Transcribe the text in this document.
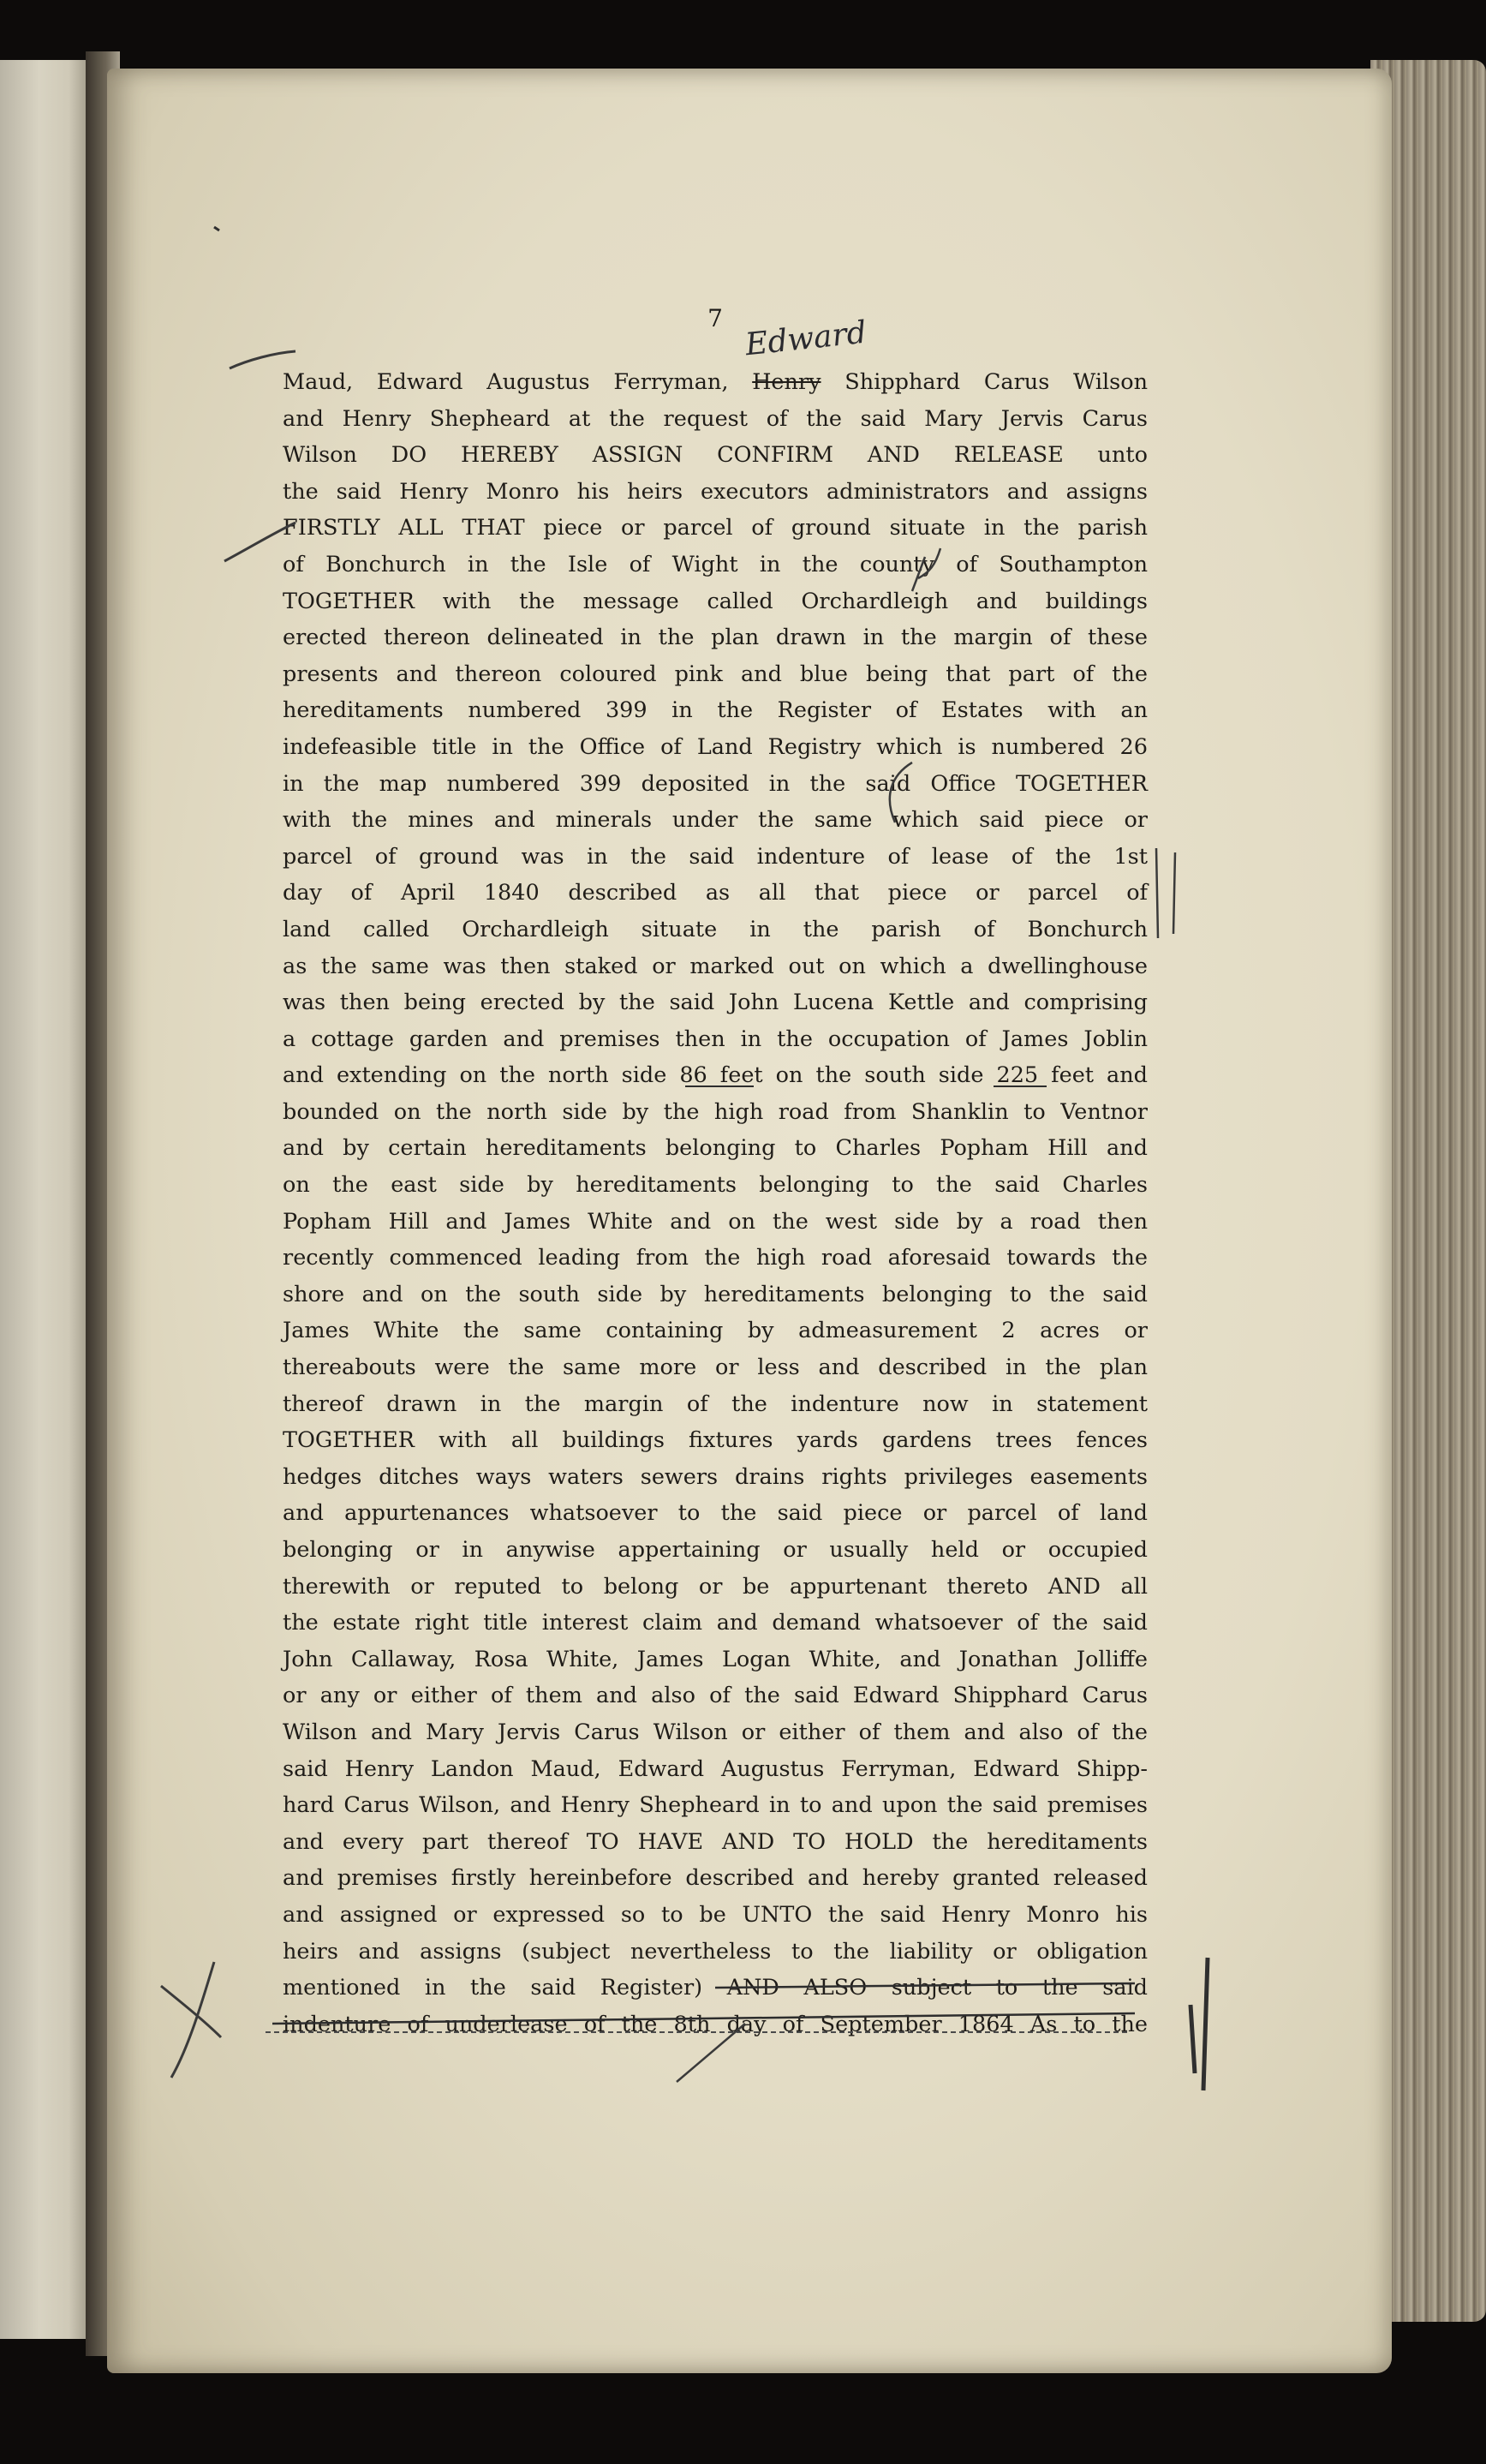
7 Edward
Maud, Edward Augustus Ferryman, Henry Shipphard Carus Wilson
and Henry Shepheard at the request of the said Mary Jervis Carus
Wilson DO HEREBY ASSIGN CONFIRM AND RELEASE unto
the said Henry Monro his heirs executors administrators and assigns
FIRSTLY ALL THAT piece or parcel of ground situate in the parish
of Bonchurch in the Isle of Wight in the county of Southampton
TOGETHER with the message called Orchardleigh and buildings
erected thereon delineated in the plan drawn in the margin of these
presents and thereon coloured pink and blue being that part of the
hereditaments numbered 399 in the Register of Estates with an
indefeasible title in the Office of Land Registry which is numbered 26
in the map numbered 399 deposited in the said Office TOGETHER
with the mines and minerals under the same which said piece or
parcel of ground was in the said indenture of lease of the 1st
day of April 1840 described as all that piece or parcel of
land called Orchardleigh situate in the parish of Bonchurch
as the same was then staked or marked out on which a dwellinghouse
was then being erected by the said John Lucena Kettle and comprising
a cottage garden and premises then in the occupation of James Joblin
and extending on the north side 86 feet on the south side 225 feet and
bounded on the north side by the high road from Shanklin to Ventnor
and by certain hereditaments belonging to Charles Popham Hill and
on the east side by hereditaments belonging to the said Charles
Popham Hill and James White and on the west side by a road then
recently commenced leading from the high road aforesaid towards the
shore and on the south side by hereditaments belonging to the said
James White the same containing by admeasurement 2 acres or
thereabouts were the same more or less and described in the plan
thereof drawn in the margin of the indenture now in statement
TOGETHER with all buildings fixtures yards gardens trees fences
hedges ditches ways waters sewers drains rights privileges easements
and appurtenances whatsoever to the said piece or parcel of land
belonging or in anywise appertaining or usually held or occupied
therewith or reputed to belong or be appurtenant thereto AND all
the estate right title interest claim and demand whatsoever of the said
John Callaway, Rosa White, James Logan White, and Jonathan Jolliffe
or any or either of them and also of the said Edward Shipphard Carus
Wilson and Mary Jervis Carus Wilson or either of them and also of the
said Henry Landon Maud, Edward Augustus Ferryman, Edward Shipp-
hard Carus Wilson, and Henry Shepheard in to and upon the said premises
and every part thereof TO HAVE AND TO HOLD the hereditaments
and premises firstly hereinbefore described and hereby granted released
and assigned or expressed so to be UNTO the said Henry Monro his
heirs and assigns (subject nevertheless to the liability or obligation
mentioned in the said Register) AND ALSO subject to the said
indenture of underlease of the 8th day of September 1864 As to the
